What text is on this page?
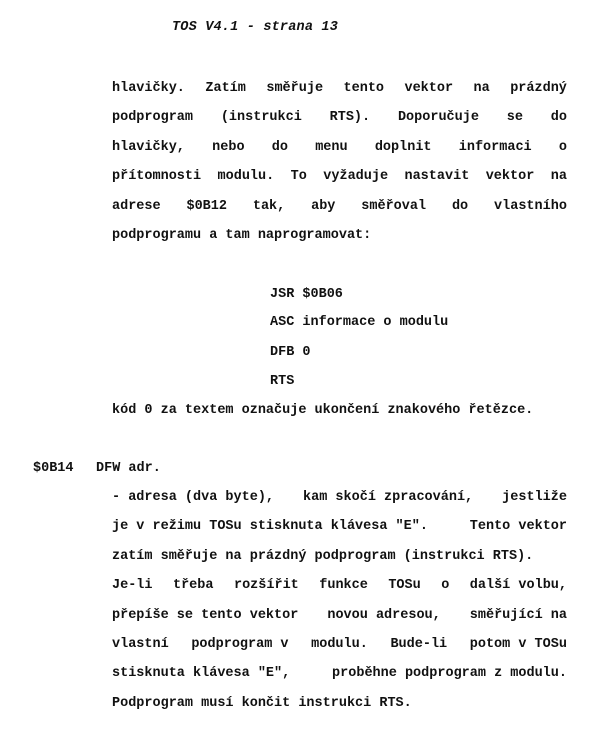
TOS V4.1 - strana 13
hlavičky. Zatím směřuje tento vektor na prázdný
podprogram (instrukci RTS). Doporučuje se do
hlavičky, nebo do menu doplnit informaci o
přítomnosti modulu. To vyžaduje nastavit vektor na
adrese $0B12 tak, aby směřoval do vlastního
podprogramu a tam naprogramovat:
JSR $0B06
ASC informace o modulu
DFB 0
RTS
kód 0 za textem označuje ukončení znakového řetězce.
$0B14 DFW adr.
- adresa (dva byte), kam skočí zpracování, jestliže
je v režimu TOSu stisknuta klávesa "E".	Tento vektor
zatím směřuje na prázdný podprogram (instrukci RTS).
Je-li třeba rozšířit funkce TOSu o další volbu,
přepíše se tento vektor novou adresou, směřující na
vlastní podprogram v modulu. Bude-li potom v TOSu
stisknuta klávesa "E",	proběhne podprogram z modulu.
Podprogram musí končit instrukci RTS.
